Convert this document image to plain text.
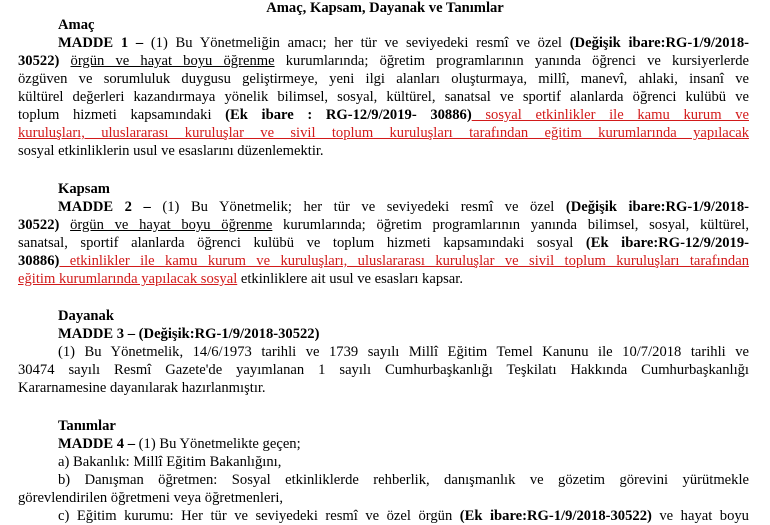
Amaç, Kapsam, Dayanak ve Tanımlar
Amaç
MADDE 1 – (1) Bu Yönetmeliğin amacı; her tür ve seviyedeki resmî ve özel (Değişik ibare:RG-1/9/2018-
30522) örgün ve hayat boyu öğrenme kurumlarında; öğretim programlarının yanında öğrenci ve kursiyerlerde
özgüven ve sorumluluk duygusu geliştirmeye, yeni ilgi alanları oluşturmaya, millî, manevî, ahlaki, insanî ve
kültürel değerleri kazandırmaya yönelik bilimsel, sosyal, kültürel, sanatsal ve sportif alanlarda öğrenci kulübü ve
toplum hizmeti kapsamındaki (Ek ibare : RG-12/9/2019- 30886) sosyal etkinlikler ile kamu kurum ve
kuruluşları, uluslararası kuruluşlar ve sivil toplum kuruluşları tarafından eğitim kurumlarında yapılacak
sosyal etkinliklerin usul ve esaslarını düzenlemektir.
Kapsam
MADDE 2 – (1) Bu Yönetmelik; her tür ve seviyedeki resmî ve özel (Değişik ibare:RG-1/9/2018-
30522) örgün ve hayat boyu öğrenme kurumlarında; öğretim programlarının yanında bilimsel, sosyal, kültürel,
sanatsal, sportif alanlarda öğrenci kulübü ve toplum hizmeti kapsamındaki sosyal (Ek ibare:RG-12/9/2019-
30886) etkinlikler ile kamu kurum ve kuruluşları, uluslararası kuruluşlar ve sivil toplum kuruluşları tarafından
eğitim kurumlarında yapılacak sosyal etkinliklere ait usul ve esasları kapsar.
Dayanak
MADDE 3 – (Değişik:RG-1/9/2018-30522)
(1) Bu Yönetmelik, 14/6/1973 tarihli ve 1739 sayılı Millî Eğitim Temel Kanunu ile 10/7/2018 tarihli ve
30474 sayılı Resmî Gazete'de yayımlanan 1 sayılı Cumhurbaşkanlığı Teşkilatı Hakkında Cumhurbaşkanlığı
Kararnamesine dayanılarak hazırlanmıştır.
Tanımlar
MADDE 4 – (1) Bu Yönetmelikte geçen;
a) Bakanlık: Millî Eğitim Bakanlığını,
b) Danışman öğretmen: Sosyal etkinliklerde rehberlik, danışmanlık ve gözetim görevini yürütmekle
görevlendirilen öğretmeni veya öğretmenleri,
c) Eğitim kurumu: Her tür ve seviyedeki resmî ve özel örgün (Ek ibare:RG-1/9/2018-30522) ve hayat boyu
